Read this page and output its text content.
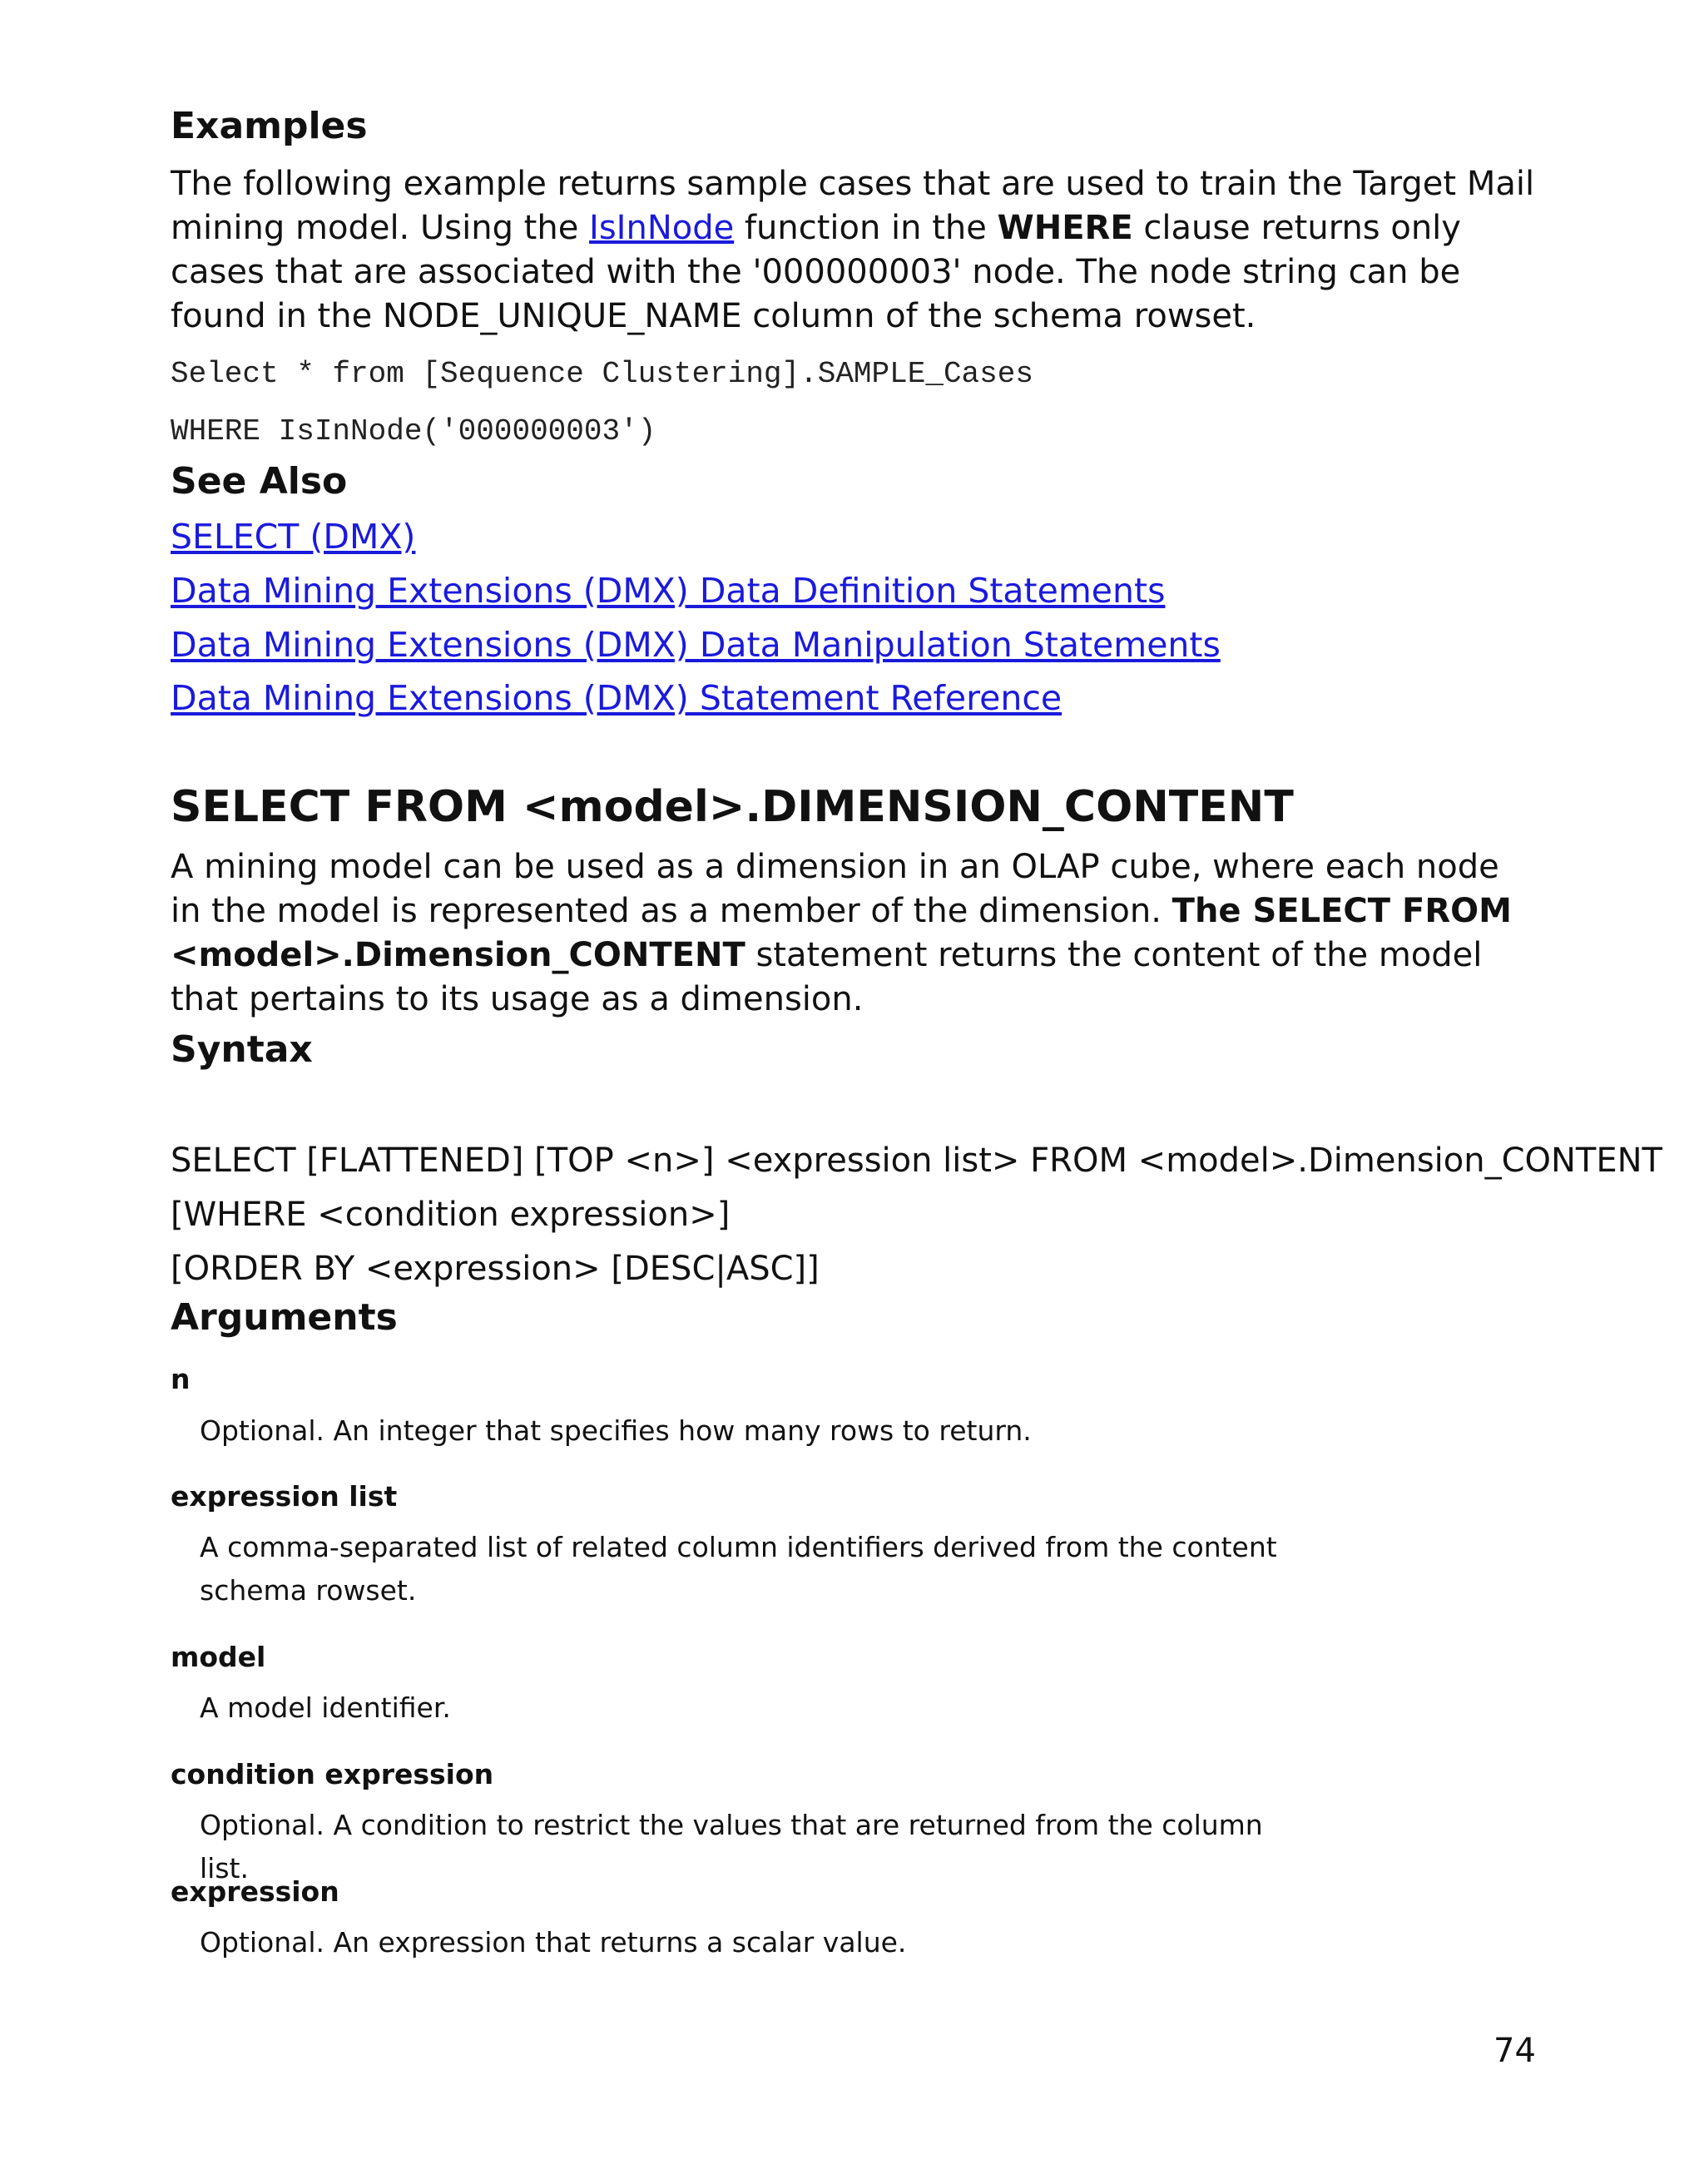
Examples

The following example returns sample cases that are used to train the Target Mail mining model. Using the IsInNode function in the WHERE clause returns only cases that are associated with the '000000003' node. The node string can be found in the NODE_UNIQUE_NAME column of the schema rowset.

Select * from [Sequence Clustering].SAMPLE_Cases
WHERE IsInNode('000000003')
See Also
SELECT (DMX)
Data Mining Extensions (DMX) Data Definition Statements
Data Mining Extensions (DMX) Data Manipulation Statements
Data Mining Extensions (DMX) Statement Reference
SELECT FROM <model>.DIMENSION_CONTENT

A mining model can be used as a dimension in an OLAP cube, where each node in the model is represented as a member of the dimension. The SELECT FROM <model>.Dimension_CONTENT statement returns the content of the model that pertains to its usage as a dimension.

Syntax
SELECT [FLATTENED] [TOP <n>] <expression list> FROM <model>.Dimension_CONTENT
[WHERE <condition expression>]
[ORDER BY <expression> [DESC|ASC]]
Arguments
n
Optional. An integer that specifies how many rows to return.
expression list
A comma-separated list of related column identifiers derived from the content schema rowset.
model
A model identifier.
condition expression
Optional. A condition to restrict the values that are returned from the column list.
expression
Optional. An expression that returns a scalar value.
74
